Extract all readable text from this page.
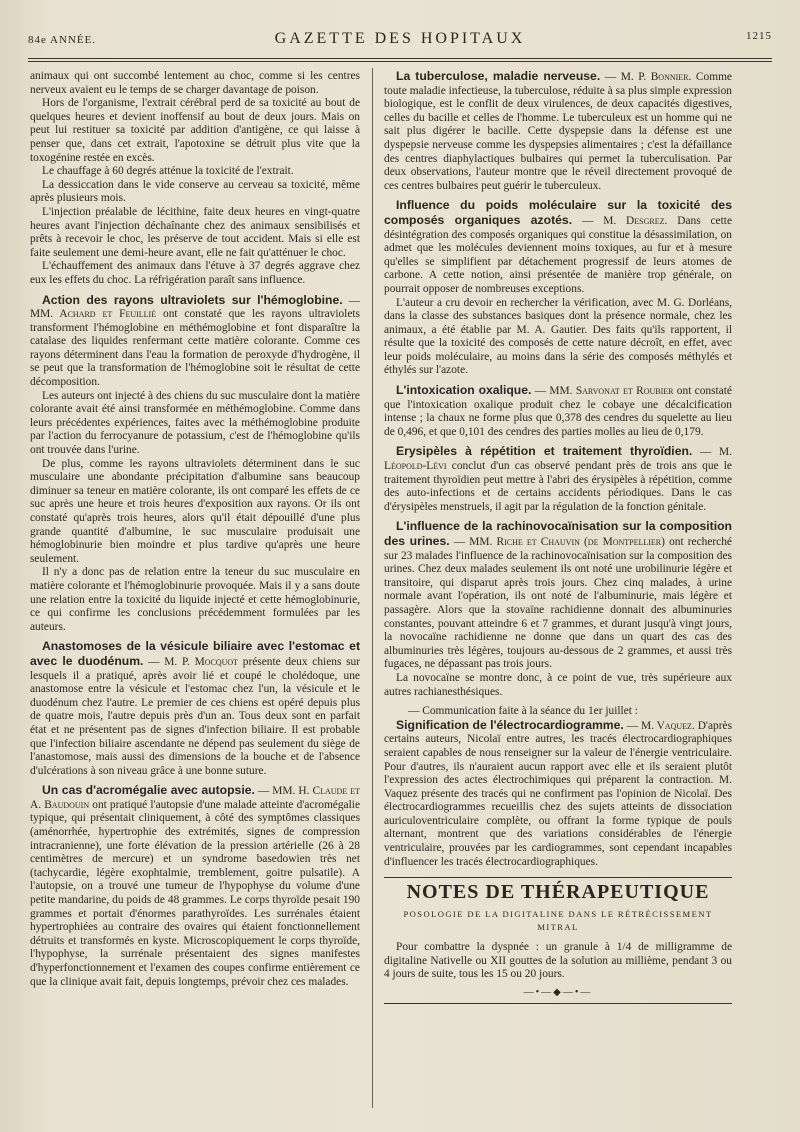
84e ANNÉE.	GAZETTE DES HOPITAUX	1215

animaux qui ont succombé lentement au choc, comme si les centres nerveux avaient eu le temps de se charger davantage de poison.

Hors de l'organisme, l'extrait cérébral perd de sa toxicité au bout de quelques heures et devient inoffensif au bout de deux jours. Mais on peut lui restituer sa toxicité par addition d'antigène, ce qui laisse à penser que, dans cet extrait, l'apotoxine se détruit plus vite que la toxogénine restée en excès.

Le chauffage à 60 degrés atténue la toxicité de l'extrait.

La dessiccation dans le vide conserve au cerveau sa toxicité, même après plusieurs mois.

L'injection préalable de lécithine, faite deux heures en vingt-quatre heures avant l'injection déchaînante chez des animaux sensibilisés et prêts à recevoir le choc, les préserve de tout accident. Mais si elle est faite seulement une demi-heure avant, elle ne fait qu'atténuer le choc.

L'échauffement des animaux dans l'étuve à 37 degrés aggrave chez eux les effets du choc. La réfrigération paraît sans influence.

Action des rayons ultraviolets sur l'hémoglobine. — MM. Achard et Feuillié ont constaté que les rayons ultraviolets transforment l'hémoglobine en méthémoglobine et font disparaître la catalase des liquides renfermant cette matière colorante. Comme ces rayons déterminent dans l'eau la formation de peroxyde d'hydrogène, il se peut que la transformation de l'hémoglobine soit le résultat de cette décomposition.

Les auteurs ont injecté à des chiens du suc musculaire dont la matière colorante avait été ainsi transformée en méthémoglobine. Comme dans leurs précédentes expériences, faites avec la méthémoglobine produite par l'action du ferrocyanure de potassium, c'est de l'hémoglobine qu'ils ont trouvée dans l'urine.

De plus, comme les rayons ultraviolets déterminent dans le suc musculaire une abondante précipitation d'albumine sans beaucoup diminuer sa teneur en matière colorante, ils ont comparé les effets de ce suc après une heure et trois heures d'exposition aux rayons. Or ils ont constaté qu'après trois heures, alors qu'il était dépouillé d'une plus grande quantité d'albumine, le suc musculaire produisait une hémoglobinurie bien moindre et plus tardive qu'après une heure seulement.

Il n'y a donc pas de relation entre la teneur du suc musculaire en matière colorante et l'hémoglobinurie provoquée. Mais il y a sans doute une relation entre la toxicité du liquide injecté et cette hémoglobinurie, ce qui confirme les conclusions précédemment formulées par les auteurs.

Anastomoses de la vésicule biliaire avec l'estomac et avec le duodénum. — M. P. Mocquot présente deux chiens sur lesquels il a pratiqué, après avoir lié et coupé le cholédoque, une anastomose entre la vésicule et l'estomac chez l'un, la vésicule et le duodénum chez l'autre. Le premier de ces chiens est opéré depuis plus de quatre mois, l'autre depuis près d'un an. Tous deux sont en parfait état et ne présentent pas de signes d'infection biliaire. Il est probable que l'infection biliaire ascendante ne dépend pas seulement du siège de l'anastomose, mais aussi des dimensions de la bouche et de l'absence d'ulcérations à son niveau grâce à une bonne suture.

Un cas d'acromégalie avec autopsie. — MM. H. Claude et A. Baudouin ont pratiqué l'autopsie d'une malade atteinte d'acromégalie typique, qui présentait cliniquement, à côté des symptômes classiques (aménorrhée, hypertrophie des extrémités, signes de compression intracranienne), une forte élévation de la pression artérielle (26 à 28 centimètres de mercure) et un syndrome basedowien très net (tachycardie, légère exophtalmie, tremblement, goitre pulsatile). A l'autopsie, on a trouvé une tumeur de l'hypophyse du volume d'une petite mandarine, du poids de 48 grammes. Le corps thyroïde pesait 190 grammes et portait d'énormes parathyroïdes. Les surrénales étaient hypertrophiées au contraire des ovaires qui étaient fonctionnellement détruits et transformés en kyste. Microscopiquement le corps thyroïde, l'hypophyse, la surrénale présentaient des signes manifestes d'hyperfonctionnement et l'examen des coupes confirme entièrement ce que la clinique avait fait, depuis longtemps, prévoir chez ces malades.

La tuberculose, maladie nerveuse. — M. P. Bonnier. Comme toute maladie infectieuse, la tuberculose, réduite à sa plus simple expression biologique, est le conflit de deux virulences, de deux capacités digestives, celles du bacille et celles de l'homme. Le tuberculeux est un homme qui ne sait plus digérer le bacille. Cette dyspepsie dans la défense est une dyspepsie nerveuse comme les dyspepsies alimentaires ; c'est la défaillance des centres diaphylactiques bulbaires qui permet la tuberculisation. Par deux observations, l'auteur montre que le réveil directement provoqué de ces centres bulbaires peut guérir le tuberculeux.

Influence du poids moléculaire sur la toxicité des composés organiques azotés. — M. Desgrez. Dans cette désintégration des composés organiques qui constitue la désassimilation, on admet que les molécules deviennent moins toxiques, au fur et à mesure qu'elles se simplifient par détachement progressif de leurs atomes de carbone. A cette notion, ainsi présentée de manière trop générale, on pourrait opposer de nombreuses exceptions.

L'auteur a cru devoir en rechercher la vérification, avec M. G. Dorléans, dans la classe des substances basiques dont la présence normale, chez les animaux, a été établie par M. A. Gautier. Des faits qu'ils rapportent, il résulte que la toxicité des composés de cette nature décroît, en effet, avec leur poids moléculaire, au moins dans la série des composés méthylés et éthylés sur l'azote.

L'intoxication oxalique. — MM. Sarvonat et Roubier ont constaté que l'intoxication oxalique produit chez le cobaye une décalcification intense ; la chaux ne forme plus que 0,378 des cendres du squelette au lieu de 0,496, et que 0,101 des cendres des parties molles au lieu de 0,179.

Erysipèles à répétition et traitement thyroïdien. — M. Léopold-Lévi conclut d'un cas observé pendant près de trois ans que le traitement thyroïdien peut mettre à l'abri des érysipèles à répétition, comme des auto-infections et de certains accidents périodiques. Dans le cas d'érysipèles menstruels, il agit par la régulation de la fonction génitale.

L'influence de la rachinovocaïnisation sur la composition des urines. — MM. Riche et Chauvin (de Montpellier) ont recherché sur 23 malades l'influence de la rachinovocaïnisation sur la composition des urines. Chez deux malades seulement ils ont noté une urobilinurie légère et transitoire, qui disparut après trois jours. Chez cinq malades, à urine normale avant l'opération, ils ont noté de l'albuminurie, mais légère et passagère. Alors que la stovaïne rachidienne donnait des albuminuries constantes, pouvant atteindre 6 et 7 grammes, et durant jusqu'à vingt jours, la novocaïne rachidienne ne donne que dans un quart des cas des albuminuries très légères, toujours au-dessous de 2 grammes, et aussi très fugaces, ne dépassant pas trois jours.

La novocaïne se montre donc, à ce point de vue, très supérieure aux autres rachianesthésiques.

— Communication faite à la séance du 1er juillet :

Signification de l'électrocardiogramme. — M. Vaquez. D'après certains auteurs, Nicolaï entre autres, les tracés électrocardiographiques seraient capables de nous renseigner sur la valeur de l'énergie ventriculaire. Pour d'autres, ils n'auraient aucun rapport avec elle et ils seraient plutôt l'expression des actes électrochimiques qui préparent la contraction. M. Vaquez présente des tracés qui ne confirment pas l'opinion de Nicolaï. Des électrocardiogrammes recueillis chez des sujets atteints de dissociation auriculoventriculaire complète, ou offrant la forme typique de pouls alternant, montrent que des variations considérables de l'énergie ventriculaire, prouvées par les cardiogrammes, sont cependant incapables d'influencer les tracés électrocardiographiques.

NOTES DE THÉRAPEUTIQUE
POSOLOGIE DE LA DIGITALINE DANS LE RÉTRÉCISSEMENT MITRAL

Pour combattre la dyspnée : un granule à 1/4 de milligramme de digitaline Nativelle ou XII gouttes de la solution au millième, pendant 3 ou 4 jours de suite, tous les 15 ou 20 jours.

—•—◆—•—
